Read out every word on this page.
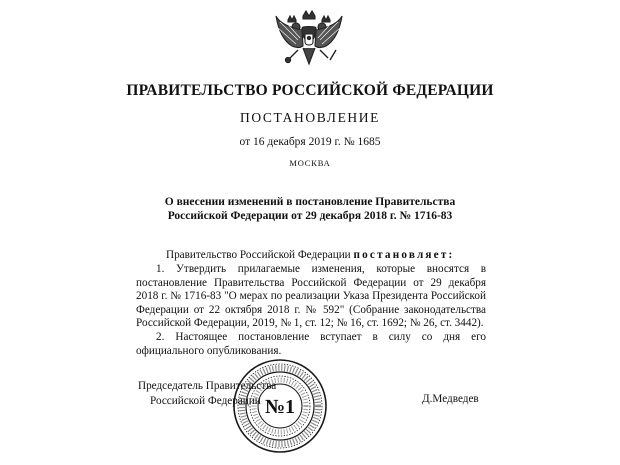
ПРАВИТЕЛЬСТВО РОССИЙСКОЙ ФЕДЕРАЦИИ
ПОСТАНОВЛЕНИЕ
от 16 декабря 2019 г. № 1685
МОСКВА
О внесении изменений в постановление Правительства
Российской Федерации от 29 декабря 2018 г. № 1716-83
Правительство Российской Федерации постановляет:

1. Утвердить прилагаемые изменения, которые вносятся в постановление Правительства Российской Федерации от 29 декабря 2018 г. № 1716-83 "О мерах по реализации Указа Президента Российской Федерации от 22 октября 2018 г. № 592" (Собрание законодательства Российской Федерации, 2019, № 1, ст. 12; № 16, ст. 1692; № 26, ст. 3442).

2. Настоящее постановление вступает в силу со дня его официального опубликования.

Председатель Правительства
Российской Федерации	Д.Медведев
№1
